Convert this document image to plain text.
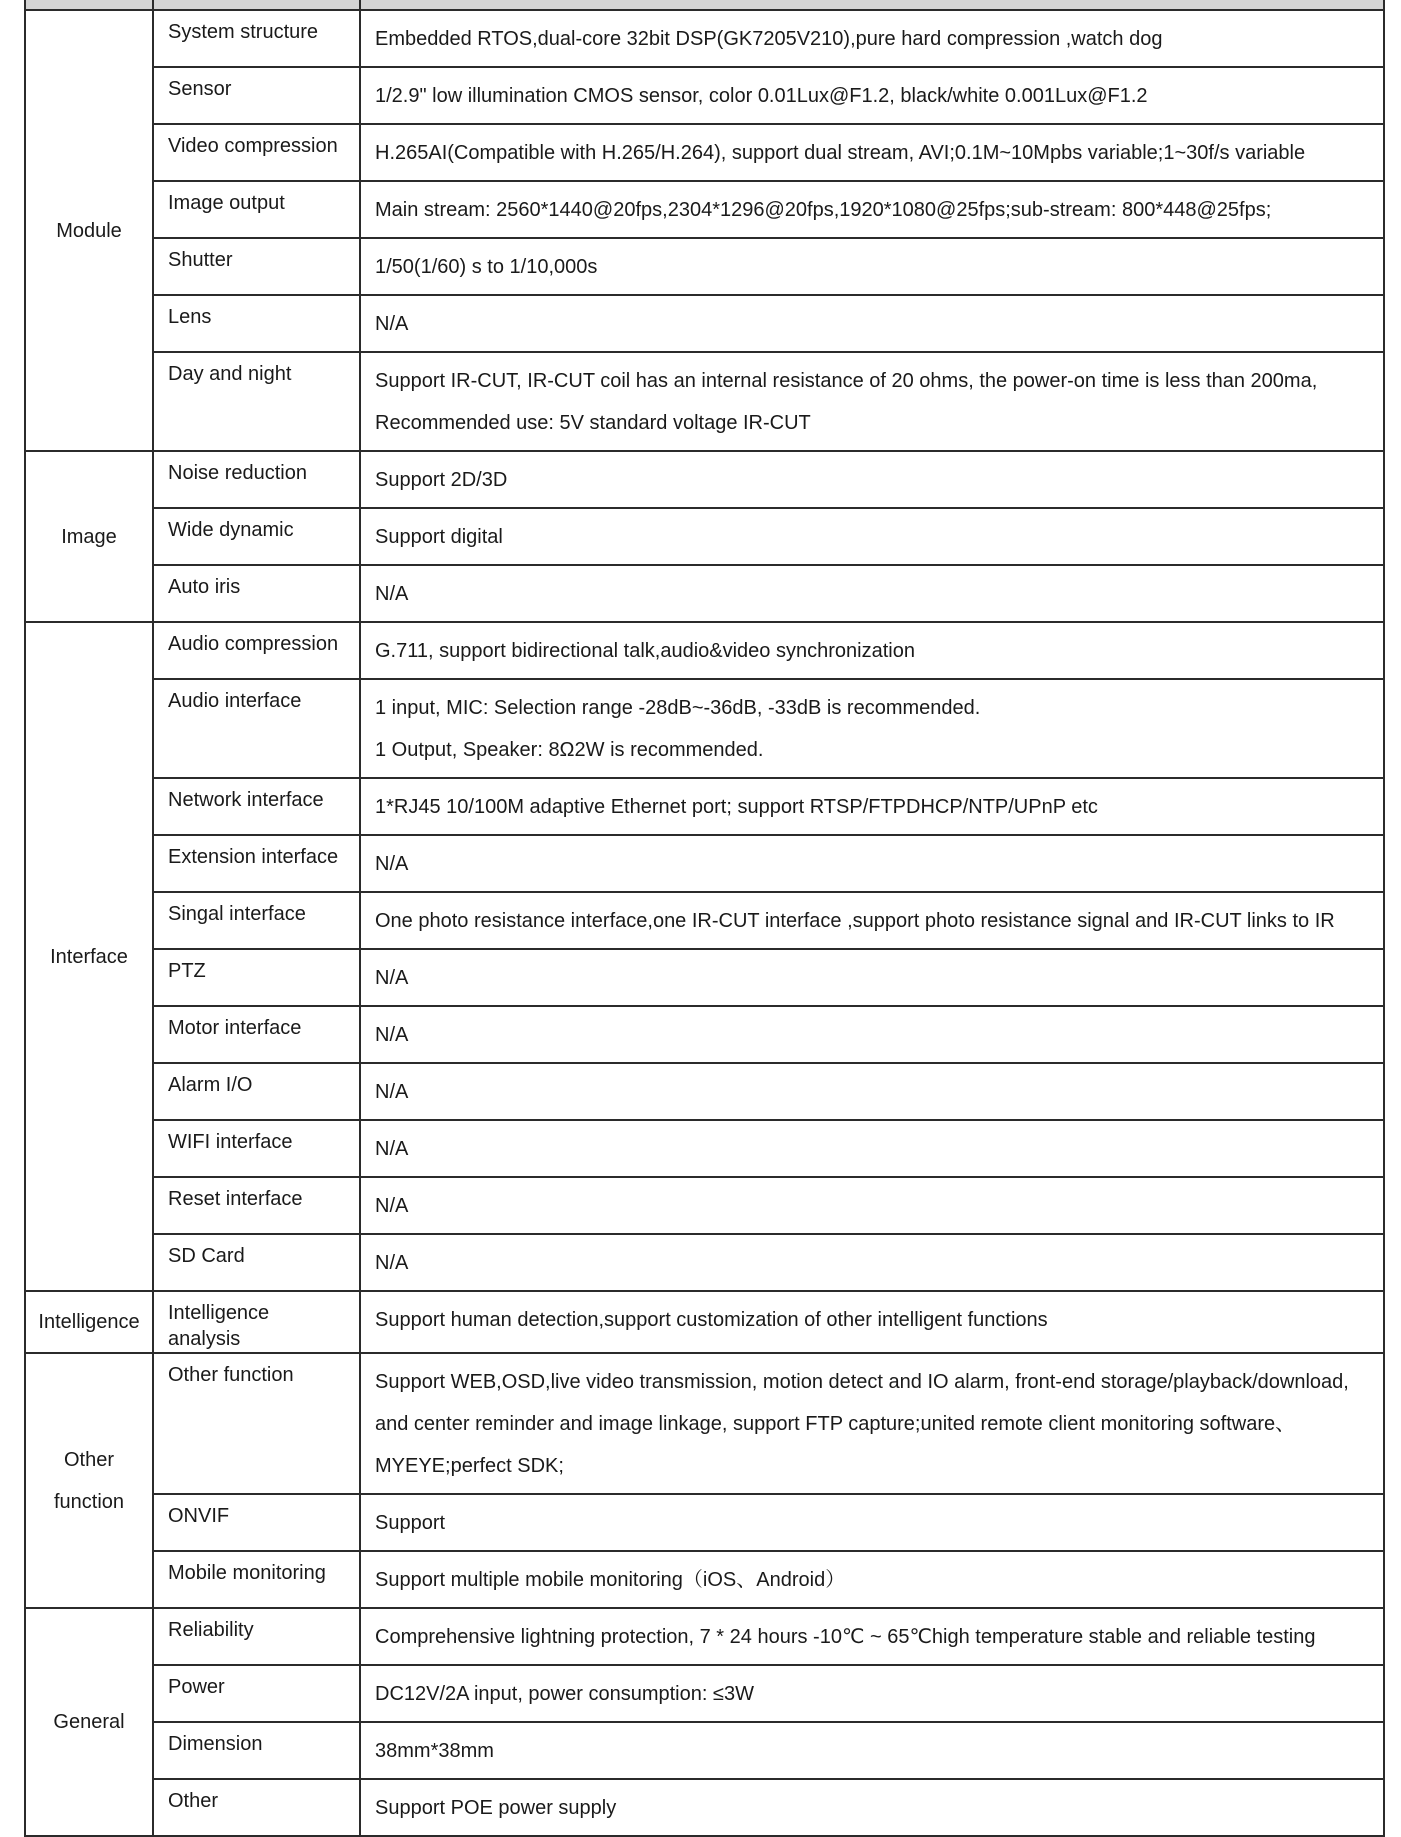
Module	System structure	Embedded RTOS,dual-core 32bit DSP(GK7205V210),pure hard compression ,watch dog

	Sensor	1/2.9" low illumination CMOS sensor, color 0.01Lux@F1.2, black/white 0.001Lux@F1.2

	Video compression	H.265AI(Compatible with H.265/H.264), support dual stream, AVI;0.1M~10Mpbs variable;1~30f/s variable

	Image output	Main stream: 2560*1440@20fps,2304*1296@20fps,1920*1080@25fps;sub-stream: 800*448@25fps;

	Shutter	1/50(1/60) s to 1/10,000s

	Lens	N/A

	Day and night	Support IR-CUT, IR-CUT coil has an internal resistance of 20 ohms, the power-on time is less than 200ma, Recommended use: 5V standard voltage IR-CUT

Image	Noise reduction	Support 2D/3D

	Wide dynamic	Support digital

	Auto iris	N/A

Interface	Audio compression	G.711, support bidirectional talk,audio&video synchronization

	Audio interface	1 input, MIC: Selection range -28dB~-36dB, -33dB is recommended.
1 Output, Speaker: 8Ω2W is recommended.

	Network interface	1*RJ45 10/100M adaptive Ethernet port; support RTSP/FTPDHCP/NTP/UPnP etc

	Extension interface	N/A

	Singal interface	One photo resistance interface,one IR-CUT interface ,support photo resistance signal and IR-CUT links to IR

	PTZ	N/A

	Motor interface	N/A

	Alarm I/O	N/A

	WIFI interface	N/A

	Reset interface	N/A

	SD Card	N/A

Intelligence	Intelligence analysis	Support human detection,support customization of other intelligent functions

Other function	Other function	Support WEB,OSD,live video transmission, motion detect and IO alarm, front-end storage/playback/download, and center reminder and image linkage, support FTP capture;united remote client monitoring software、MYEYE;perfect SDK;

	ONVIF	Support

	Mobile monitoring	Support multiple mobile monitoring（iOS、Android）

General	Reliability	Comprehensive lightning protection, 7 * 24 hours -10℃ ~ 65℃high temperature stable and reliable testing

	Power	DC12V/2A input, power consumption: ≤3W

	Dimension	38mm*38mm

	Other	Support POE power supply
